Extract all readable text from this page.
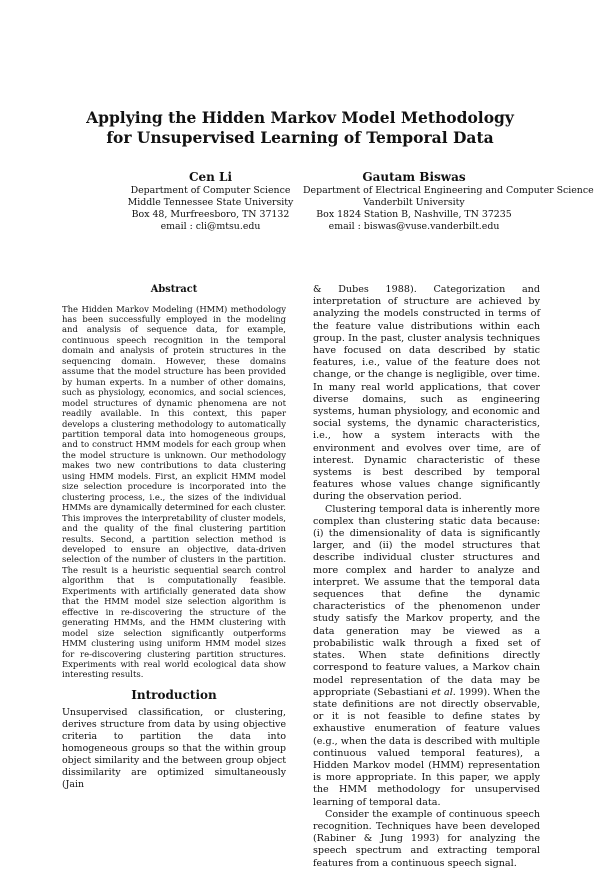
Applying the Hidden Markov Model Methodology
for Unsupervised Learning of Temporal Data
Cen Li
Department of Computer Science
Middle Tennessee State University
Box 48, Murfreesboro, TN 37132
email : cli@mtsu.edu
Gautam Biswas
Department of Electrical Engineering and Computer Science
Vanderbilt University
Box 1824 Station B, Nashville, TN 37235
email : biswas@vuse.vanderbilt.edu
Abstract
The Hidden Markov Modeling (HMM) methodology has been successfully employed in the modeling and analysis of sequence data, for example, continuous speech recognition in the temporal domain and analysis of protein structures in the sequencing domain. However, these domains assume that the model structure has been provided by human experts. In a number of other domains, such as physiology, economics, and social sciences, model structures of dynamic phenomena are not readily available. In this context, this paper develops a clustering methodology to automatically partition temporal data into homogeneous groups, and to construct HMM models for each group when the model structure is unknown. Our methodology makes two new contributions to data clustering using HMM models. First, an explicit HMM model size selection procedure is incorporated into the clustering process, i.e., the sizes of the individual HMMs are dynamically determined for each cluster. This improves the interpretability of cluster models, and the quality of the final clustering partition results. Second, a partition selection method is developed to ensure an objective, data-driven selection of the number of clusters in the partition. The result is a heuristic sequential search control algorithm that is computationally feasible. Experiments with artificially generated data show that the HMM model size selection algorithm is effective in re-discovering the structure of the generating HMMs, and the HMM clustering with model size selection significantly outperforms HMM clustering using uniform HMM model sizes for re-discovering clustering partition structures. Experiments with real world ecological data show interesting results.
Introduction
Unsupervised classification, or clustering, derives structure from data by using objective criteria to partition the data into homogeneous groups so that the within group object similarity and the between group object dissimilarity are optimized simultaneously (Jain

& Dubes 1988). Categorization and interpretation of structure are achieved by analyzing the models constructed in terms of the feature value distributions within each group. In the past, cluster analysis techniques have focused on data described by static features, i.e., value of the feature does not change, or the change is negligible, over time. In many real world applications, that cover diverse domains, such as engineering systems, human physiology, and economic and social systems, the dynamic characteristics, i.e., how a system interacts with the environment and evolves over time, are of interest. Dynamic characteristic of these systems is best described by temporal features whose values change significantly during the observation period.

Clustering temporal data is inherently more complex than clustering static data because: (i) the dimensionality of data is significantly larger, and (ii) the model structures that describe individual cluster structures and more complex and harder to analyze and interpret. We assume that the temporal data sequences that define the dynamic characteristics of the phenomenon under study satisfy the Markov property, and the data generation may be viewed as a probabilistic walk through a fixed set of states. When state definitions directly correspond to feature values, a Markov chain model representation of the data may be appropriate (Sebastiani et al. 1999). When the state definitions are not directly observable, or it is not feasible to define states by exhaustive enumeration of feature values (e.g., when the data is described with multiple continuous valued temporal features), a Hidden Markov model (HMM) representation is more appropriate. In this paper, we apply the HMM methodology for unsupervised learning of temporal data.

Consider the example of continuous speech recognition. Techniques have been developed (Rabiner & Jung 1993) for analyzing the speech spectrum and extracting temporal features from a continuous speech signal.
